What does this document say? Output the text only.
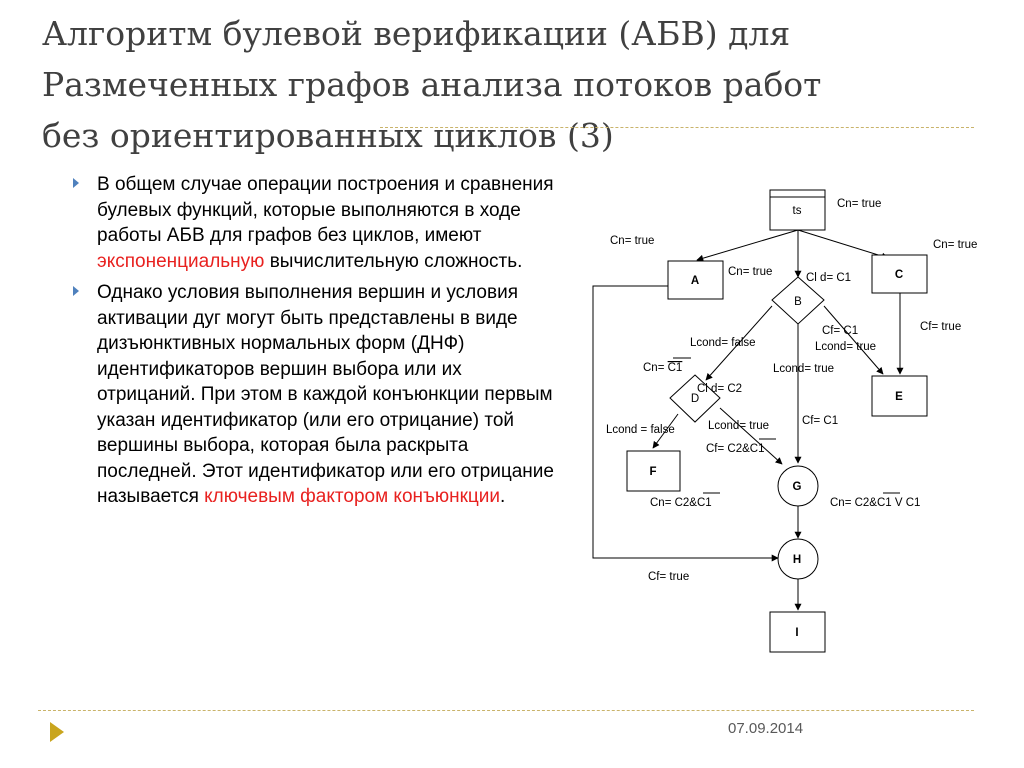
Алгоритм булевой верификации (АБВ) для
Размеченных графов анализа потоков работ
без ориентированных циклов (3)
В общем случае операции построения и сравнения булевых функций, которые выполняются в ходе работы АБВ для графов без циклов, имеют экспоненциальную вычислительную сложность.
Однако условия выполнения вершин и условия активации дуг могут быть представлены в виде дизъюнктивных нормальных форм (ДНФ) идентификаторов вершин выбора или их отрицаний. При этом в каждой конъюнкции первым указан идентификатор (или его отрицание) той вершины выбора, которая была раскрыта последней. Этот идентификатор или его отрицание называется ключевым фактором конъюнкции.
ts
A	C
B
E
D
F
G
H
I
Cn= true
Cn= true	Cn= true
Cn= true	Cl d= C1
Cf= C1
Lcond= true
Cf= true
Lcond= false
Lcond= true
Cn= C1
Cl d= C2
Cf= C1
Lcond = false	Lcond= true
Cf= C2&C1
Cn= C2&C1	Cn= C2&C1 V C1
Cf= true
07.09.2014
